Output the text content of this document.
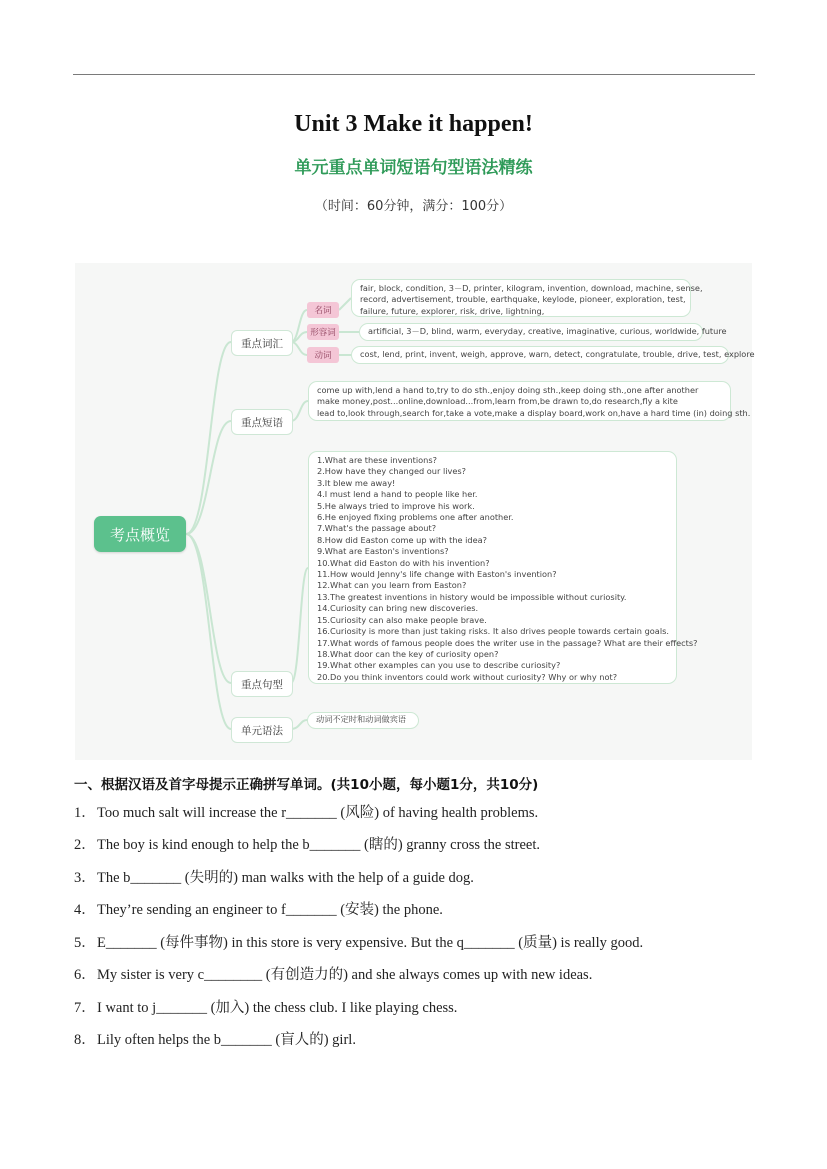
Unit 3 Make it happen!
单元重点单词短语句型语法精练
（时间：60分钟，满分：100分）
考点概览
重点词汇
重点短语
重点句型
单元语法
名词
形容词
动词
fair, block, condition, 3－D, printer, kilogram, invention, download, machine, sense,
record, advertisement, trouble, earthquake, keylode, pioneer, exploration, test,
failure, future, explorer, risk, drive, lightning,
artificial, 3－D, blind, warm, everyday, creative, imaginative, curious, worldwide, future
cost, lend, print, invent, weigh, approve, warn, detect, congratulate, trouble, drive, test, explore
come up with,lend a hand to,try to do sth.,enjoy doing sth.,keep doing sth.,one after another
make money,post...online,download...from,learn from,be drawn to,do research,fly a kite
lead to,look through,search for,take a vote,make a display board,work on,have a hard time (in) doing sth.
1.What are these inventions?
2.How have they changed our lives?
3.It blew me away!
4.I must lend a hand to people like her.
5.He always tried to improve his work.
6.He enjoyed fixing problems one after another.
7.What's the passage about?
8.How did Easton come up with the idea?
9.What are Easton's inventions?
10.What did Easton do with his invention?
11.How would Jenny's life change with Easton's invention?
12.What can you learn from Easton?
13.The greatest inventions in history would be impossible without curiosity.
14.Curiosity can bring new discoveries.
15.Curiosity can also make people brave.
16.Curiosity is more than just taking risks. It also drives people towards certain goals.
17.What words of famous people does the writer use in the passage? What are their effects?
18.What door can the key of curiosity open?
19.What other examples can you use to describe curiosity?
20.Do you think inventors could work without curiosity? Why or why not?
动词不定时和动词做宾语
一、根据汉语及首字母提示正确拼写单词。(共10小题，每小题1分，共10分)
1．Too much salt will increase the r_______ (风险) of having health problems.
2．The boy is kind enough to help the b_______ (瞎的) granny cross the street.
3．The b_______ (失明的) man walks with the help of a guide dog.
4．They’re sending an engineer to f_______ (安装) the phone.
5．E_______ (每件事物) in this store is very expensive. But the q_______ (质量) is really good.
6．My sister is very c________ (有创造力的) and she always comes up with new ideas.
7．I want to j_______ (加入) the chess club. I like playing chess.
8．Lily often helps the b_______ (盲人的) girl.
